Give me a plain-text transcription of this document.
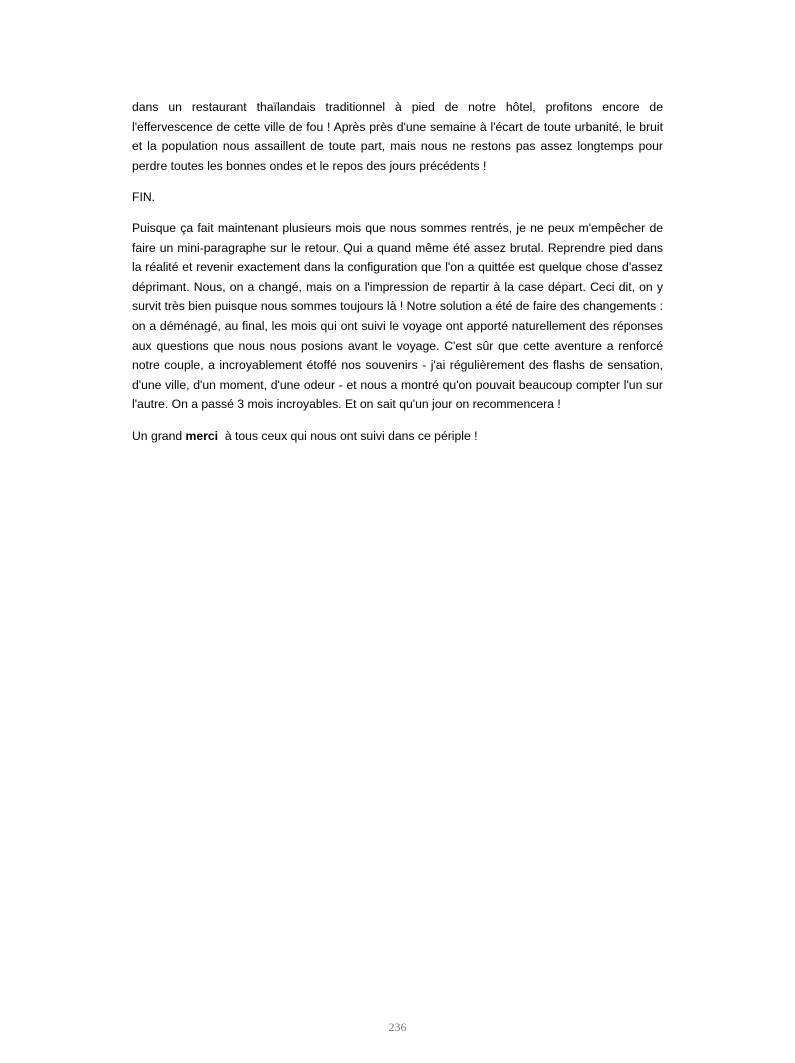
dans un restaurant thaïlandais traditionnel à pied de notre hôtel, profitons encore de l'effervescence de cette ville de fou ! Après près d'une semaine à l'écart de toute urbanité, le bruit et la population nous assaillent de toute part, mais nous ne restons pas assez longtemps pour perdre toutes les bonnes ondes et le repos des jours précédents !

FIN.

Puisque ça fait maintenant plusieurs mois que nous sommes rentrés, je ne peux m'empêcher de faire un mini-paragraphe sur le retour. Qui a quand même été assez brutal. Reprendre pied dans la réalité et revenir exactement dans la configuration que l'on a quittée est quelque chose d'assez déprimant. Nous, on a changé, mais on a l'impression de repartir à la case départ. Ceci dit, on y survit très bien puisque nous sommes toujours là ! Notre solution a été de faire des changements : on a déménagé, au final, les mois qui ont suivi le voyage ont apporté naturellement des réponses aux questions que nous nous posions avant le voyage. C'est sûr que cette aventure a renforcé notre couple, a incroyablement étoffé nos souvenirs - j'ai régulièrement des flashs de sensation, d'une ville, d'un moment, d'une odeur - et nous a montré qu'on pouvait beaucoup compter l'un sur l'autre. On a passé 3 mois incroyables. Et on sait qu'un jour on recommencera !

Un grand merci  à tous ceux qui nous ont suivi dans ce périple !

236
